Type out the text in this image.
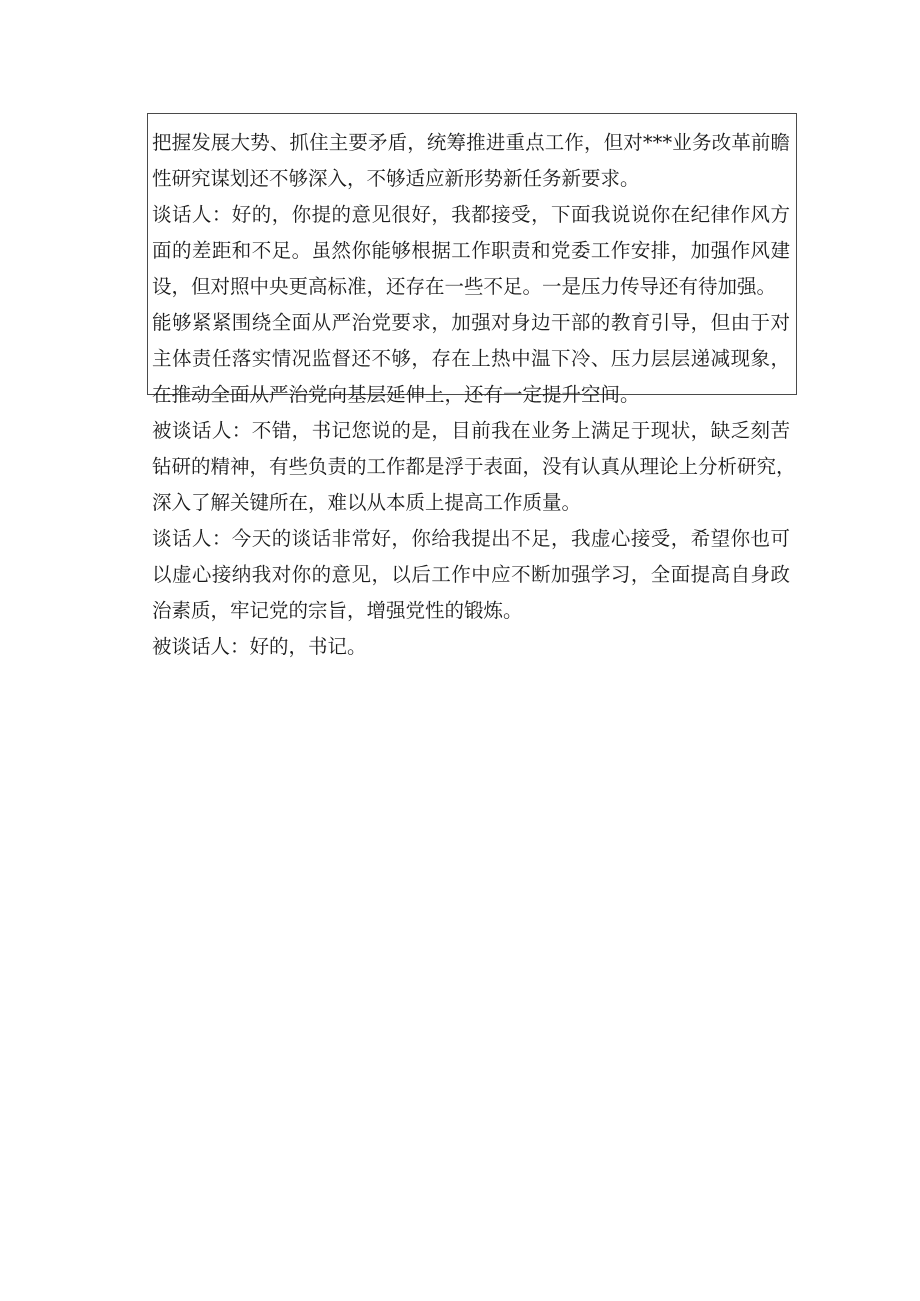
把握发展大势、抓住主要矛盾，统筹推进重点工作，但对***业务改革前瞻
性研究谋划还不够深入，不够适应新形势新任务新要求。
谈话人：好的，你提的意见很好，我都接受，下面我说说你在纪律作风方
面的差距和不足。虽然你能够根据工作职责和党委工作安排，加强作风建
设，但对照中央更高标准，还存在一些不足。一是压力传导还有待加强。
能够紧紧围绕全面从严治党要求，加强对身边干部的教育引导，但由于对
主体责任落实情况监督还不够，存在上热中温下冷、压力层层递减现象，
在推动全面从严治党向基层延伸上，还有一定提升空间。
被谈话人：不错，书记您说的是，目前我在业务上满足于现状，缺乏刻苦
钻研的精神，有些负责的工作都是浮于表面，没有认真从理论上分析研究，
深入了解关键所在，难以从本质上提高工作质量。
谈话人：今天的谈话非常好，你给我提出不足，我虚心接受，希望你也可
以虚心接纳我对你的意见，以后工作中应不断加强学习，全面提高自身政
治素质，牢记党的宗旨，增强党性的锻炼。
被谈话人：好的，书记。
